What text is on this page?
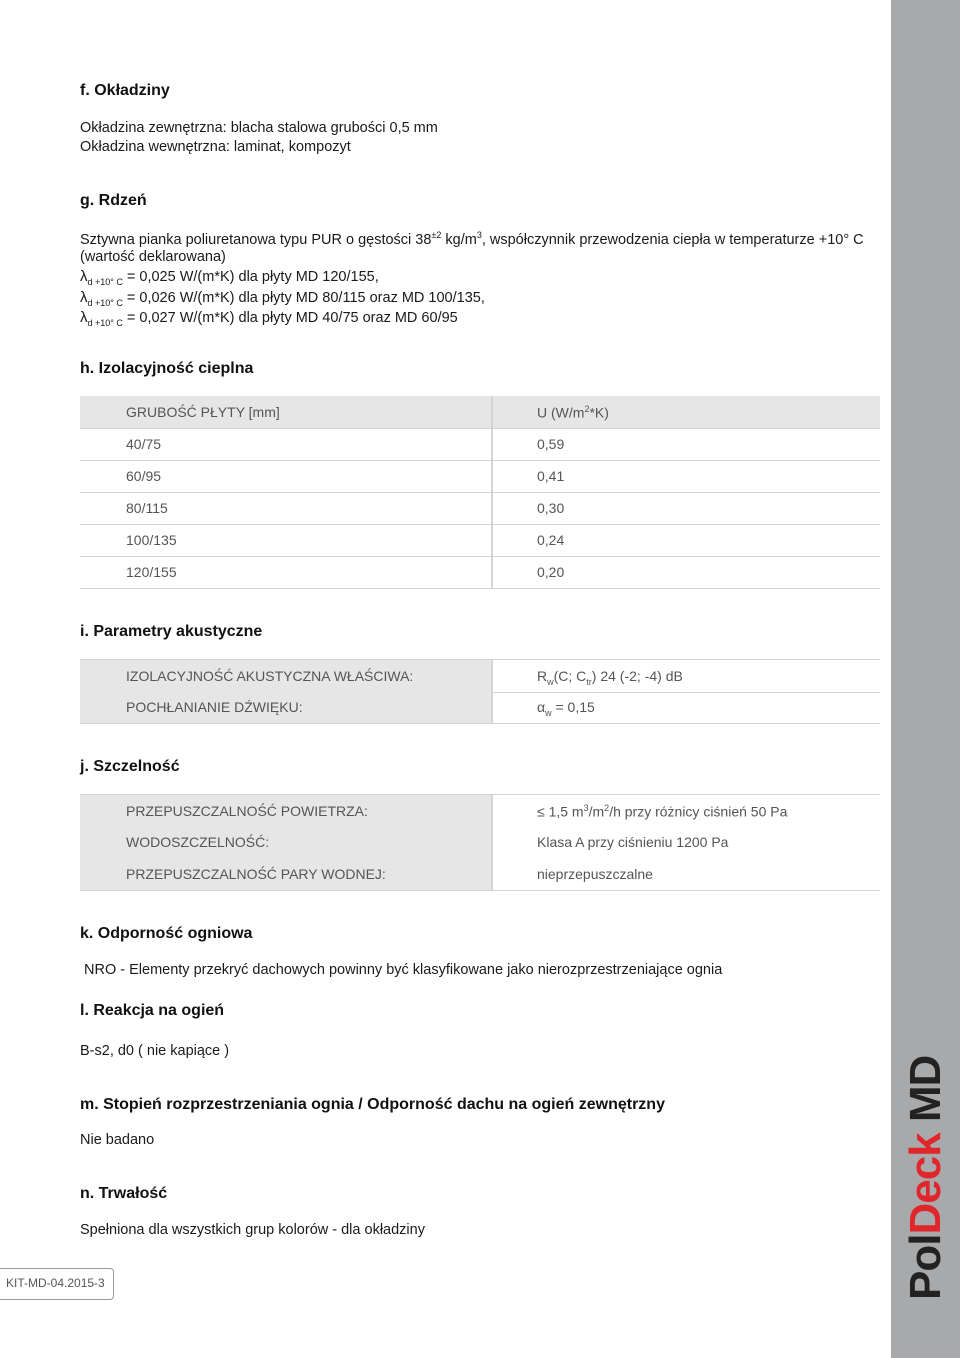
PolDeck MD
f. Okładziny
Okładzina zewnętrzna: blacha stalowa grubości 0,5 mm
Okładzina wewnętrzna: laminat, kompozyt
g. Rdzeń
Sztywna pianka poliuretanowa typu PUR o gęstości $38^{\pm 2}$ $kg/m^3$, współczynnik przewodzenia ciepła w temperaturze +10° C
(wartość deklarowana)
$\lambda_{d +10^\circ C} = 0,025$ W/(m*K) dla płyty MD 120/155,
$\lambda_{d +10^\circ C} = 0,026$ W/(m*K) dla płyty MD 80/115 oraz MD 100/135,
$\lambda_{d +10^\circ C} = 0,027$ W/(m*K) dla płyty MD 40/75 oraz MD 60/95
h. Izolacyjność cieplna
GRUBOŚĆ PŁYTY [mm]	U $(W/m^2*K)$
40/75	0,59
60/95	0,41
80/115	0,30
100/135	0,24
120/155	0,20
i. Parametry akustyczne
IZOLACYJNOŚĆ AKUSTYCZNA WŁAŚCIWA:	$R_w(C$; $C_{tr}$) 24 (-2; -4) dB
POCHŁANIANIE DŹWIĘKU:	$\alpha_w = 0,15$
j. Szczelność
PRZEPUSZCZALNOŚĆ POWIETRZA:	≤ 1,5 $m^3/m^2/h$ przy różnicy ciśnień 50 Pa
WODOSZCZELNOŚĆ:	Klasa A przy ciśnieniu 1200 Pa
PRZEPUSZCZALNOŚĆ PARY WODNEJ:	nieprzepuszczalne
k. Odporność ogniowa
NRO - Elementy przekryć dachowych powinny być klasyfikowane jako nierozprzestrzeniające ognia
l. Reakcja na ogień
B-s2, d0 ( nie kapiące )
m. Stopień rozprzestrzeniania ognia / Odporność dachu na ogień zewnętrzny
Nie badano
n. Trwałość
Spełniona dla wszystkich grup kolorów - dla okładziny
KIT-MD-04.2015-3
